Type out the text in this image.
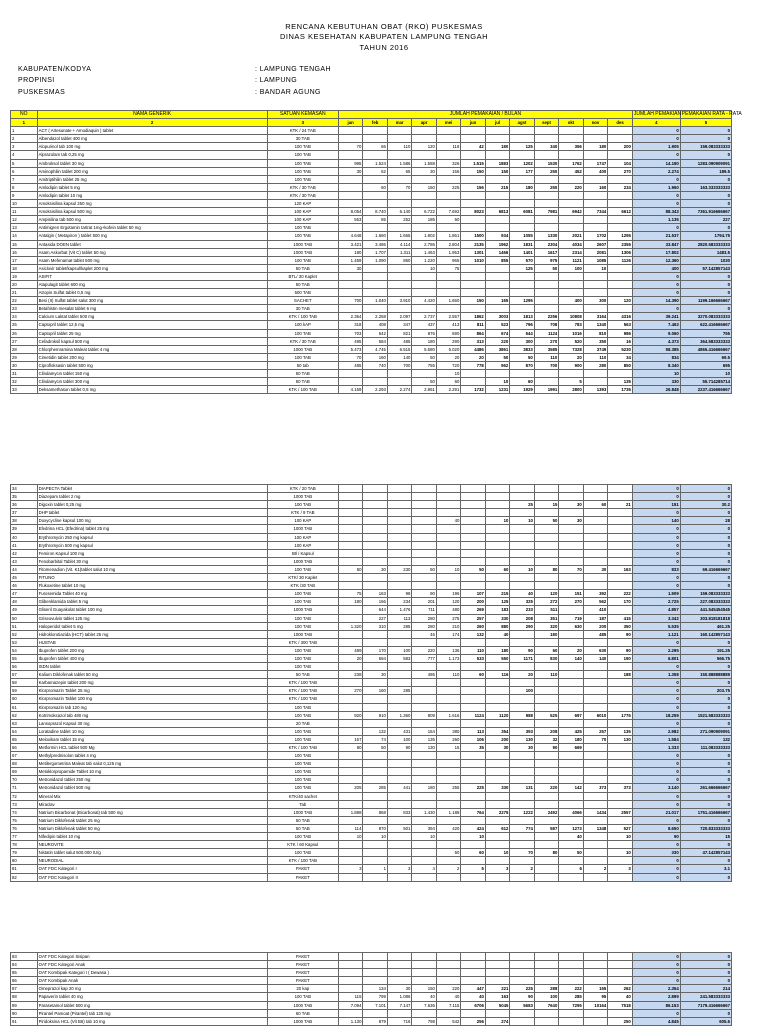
RENCANA KEBUTUHAN OBAT (RKO) PUSKESMAS
DINAS KESEHATAN KABUPATEN LAMPUNG TENGAH
TAHUN 2016
KABUPATEN/KODYA	: LAMPUNG TENGAH
PROPINSI	: LAMPUNG
PUSKESMAS	: BANDAR AGUNG
NO	NAMA GENERIK	SATUAN KEMASAN	JUMLAH PEMAKAIAN / BULAN												JUMLAH PEMAKIAN	PEMAKAIAN RATA - RATA
1	2	3	jan	feb	mar	apr	mei	jun	jul	agst	sept	okt	nov	des	4	5
1	ACT ( Artesunate + Amodiaquin ) tablet	KTK / 24 TAB													0	0
2	Albendazol tablet 400 mg	30 TAB													0	0
3	Alopurinol tab 100 mg	100 TAB	70	66	110	120	118	42	180	125	340	356	180	200	1.905	159.083333333
4	Alprazolam tab 0,25 mg	100 TAB													0	0
5	Ambroksol tablet 30 mg	100 TAB	995	1.524	1.586	1.588	326	1.515	1883	1202	1530	1762	1747	104	14.180	1283.090909091
6	Aminophilin tablet 200 mg	100 TAB	30	62	65	30	156	150	150	177	250	452	400	270	2.274	189.5
7	Amitriptihilin tablet 25 mg	100 TAB													0	0
8	Amlodipin tablet 5 mg	KTK / 30 TAB		60	70	150	225	156	215	180	250	220	160	234	1.960	163.333333333
9	Amlodipin tablet 10 mg	KTK / 30 TAB													0	0
10	Amoksisilina kapsul 250 mg	120 KAP													0	0
11	Amoksisilina kapsul 500 mg	100 KAP	8.054	8.740	6.140	6.722	7.692	8023	6813	6081	7981	6942	7344	6612	88.343	7361.916666667
12	Ampisilina tab 500 mg	100 KAP	553	85	252	185	60								1.135	227
13	Antimigren Ergotamin tartrat 1mg+kofein tablet 50 mg	100 TAB													0	0
14	Antalgin ( Metapiron ) tablet 500 mg	100 TAB	4.648	1.660	1.665	1.802	1.861	1500	934	1055	1330	2021	1702	1295	21.537	1794.75
15	Antasida DOEN tablet	1000 TAB	3.421	3.486	4.114	2.786	2.804	2135	1962	1831	2304	4034	2607	2355	33.847	2820.583333333
16	Asam Askorbat (Vit C) tablet 50 mg	1000 TAB	180	1.707	1.311	1.463	1.953	1301	1466	1401	1617	2314	2081	1306	17.802	1483.5
17	Asam Mefenamat tablet 500 mg	100 TAB	1.459	1.090	860	1.220	965	1010	855	570	975	1121	1085	1126	12.360	1030
18	Asiclovir tablet/kapsul/kaplet 200 mg	50 TAB	30			10	75			125	50	100	10		400	57.142857143
19	ASIFIT	BTL/ 30 Kaplet													0	0
20	Atapulagit tablet 600 mg	50 TAB													0	0
21	Atropin Sulfat tablet 0,5 mg	500 TAB													0	0
22	Besi (II) Sulfat tablet salut 300 mg	SACHET	700	1.040	3.910	4.420	1.660	150	165	1295		400	300	120	14.390	1199.166666667
23	Betahistin mesalat tablet 6 mg	30 TAB													0	0
24	Calcium Laktat tablet 500 mg	KTK / 100 TAB	2.364	2.258	2.097	2.737	2.557	1862	3003	1813	2256	10808	3164	4316	39.241	3270.083333333
25	Captopril tablet 12,5 mg	100 kAP	318	408	347	437	413	811	523	796	708	783	1340	563	7.463	622.416666667
26	Captopril tablet 25 mg	100 TAB	703	642	821	876	690	864	674	544	1124	1016	810	986	9.060	755
27	Cefadroksil kapsul 500 mg	KTK / 30 TAB	495	584	485	180	290	313	220	300	270	520	350	16	4.373	364.583333333
28	Chlorphemramina Maleat tablet 4 mg	1000 TAB	5.473	4.745	6.515	5.580	5.020	4486	3861	3833	3585	7328	3749	5230	58.385	4865.416666667
29	Cimetidin tablet 200 mg	100 TAB	70	160	140	50	20	20	50	50	110	20	110	34	834	69.5
30	Ciprofloksasin tablet 500 mg	50 tab	485	740	700	755	720	778	962	870	700	900	280	850	8.340	695
31	Clindamycin tablet 150 mg	50 TAB					10								10	10
32	Clindamycin tablet 300 mg	50 TAB				50	60		10	60		5		135	330	55.714285714
33	Deksamethason tablet 0,5 mg	KTK / 100 TAB	4.159	2.293	2.274	2.861	2.291	1732	1231	1929	1991	2800	1393	1735	26.848	2237.416666667
34	DIAPECTA Tablet	KTK / 20 TAB													0	0
35	Diazepam tablet 2 mg	1000 TAB													0	0
36	Digoxin tablet 0,25 mg	100 TAB								25	15	30	60	21	151	30.2
37	DHP tablet	KTK / 9 TAB													0	0
38	Doxycycline kapsul 100 mg	100 KAP					40		10	10	50	30			140	28
39	Efedrina HCL (Efedrina) tablet 25 mg	1000 TAB													0	0
40	Erythromycin 250 mg kapsul	100 KAP													0	0
41	Erythromycin 500 mg kapsul	100 KAP													0	0
42	Femiron Kapsul 100 mg	Btl / Kapsul													0	0
43	Fenobarbital Tablet 30 mg	1000 TAB													0	0
44	Fitomenadion (Vit. K1)tablet salut 10 mg	100 TAB	50	30	230	50	10	50	60	10	80	70	30	163	833	69.416666667
45	FITUNO	KTK/ 30 Kaplet													0	0
46	Flukoxetine tablet 10 mg	KTK /30 TAB													0	0
47	Furosemida Tablet 40 mg	100 TAB	75	163	98	90	196	107	215	40	120	151	392	222	1.909	159.083333333
48	Glibenklamida tablet 5 mg	100 TAB	180	166	234	201	120	200	125	325	272	270	562	170	2.725	227.083333333
49	Gliseril Guayakolat tablet 100 mg	1000 TAB		644	1.476	711	480	269	183	233	511		410		4.857	441.545454545
50	Griseovulvin tablet 125 mg	100 TAB		227	113	280	275	257	330	208	351	719	187	415	3.342	303.818181818
51	Haloperidol tablet 5 mg	100 TAB	1.320	310	285	280	210	260	880	290	320	630	200	350	5.535	461.25
52	Hidroklorotiazida (HCT) tablet 25 mg	1000 TAB				46	174	132	40		180		485	90	1.121	160.142857143
53	HUSTAB	KTK / 300 TAB													0	0
54	Ibuprofen tablet 200 mg	100 TAB	489	170	100	220	136	110	180	90	60	20	630	90	2.295	191.25
55	Ibuprofen tablet 400 mg	100 TAB	20	694	583	777	1.173	533	550	1171	830	140	140	190	6.801	566.75
56	ISDN tablet	100 TAB													0	0
57	Kalium Diklofenak tablet 50 mg	50 TAB	238	30		486	110	60	116	20	110			188	1.358	150.888888889
58	Karbamazepin tablet 200 mg	KTK / 100 TAB													0	0
59	Klorpromazin Tablet 25 mg	KTK / 100 TAB	270	160	285					100					0	203.75
60	Klorpromazin Tablet 100 mg	KTK / 100 TAB													0	0
61	Klorpromazin tab 120 mg	100 TAB													0	0
62	Kotrimoksazol tab 480 mg	100 TAB	920	910	1.360	809	1.616	1124	1120	988	525	697	6010	1776	18.259	1521.583333333
63	Lansoprazol Kapsul 30 mg	20 TAB													0	0
64	Loratadine tablet 10 mg	100 TAB		132	431	154	380	113	354	393	208	425	257	135	2.982	271.090909091
65	Meloxikam tablet 15 mg	100 TAB	167	74	100	135	260	106	200	130	32	180	70	130	1.584	132
66	Metformin HCL tablet 500 Mg	KTK / 100 TAB	80	50	90	130	15	35	30	30	90	669			1.333	111.083333333
67	Methylprednisolon tablet 4 mg	100 TAB													0	0
68	Metilergometrina Maleat tab salut 0,125 mg	100 TAB													0	0
69	Metoklorpropamide Tablet 10 mg	100 TAB													0	0
70	Metronidazol tablet 250 mg	100 TAB													0	0
71	Metronidazol tablet 500 mg	100 TAB	205	285	441	180	255	225	330	131	220	142	373	373	3.140	261.666666667
72	Mineral Mix	KTK/40 sachet													0	0
73	Miraclav	Tab													0	0
74	Natrium Bicarbonat (Bicarbonat) tab 500 mg	1000 TAB	1.888	868	833	1.430	1.188	764	2275	1222	2492	4066	1434	2557	21.017	1751.416666667
75	Natrium Diklofenak tablet 25 mg	50 TAB													0	0
76	Natrium Diklofenak tablet 50 mg	50 TAB	114	870	501	394	420	424	612	774	587	1273	1348	527	8.650	720.833333333
77	Nifedipin tablet 10 mg	100 TAB	10	10		10		10				40		10	90	15
78	NEUROVITE	KTK / 60 Kapsul													0	0
79	Nistatin tablet salut 500.000 IU/g	100 TAB					50	60	10	70	80	50		10	330	47.142857143
80	NEURODIAL	KTK / 100 TAB													0	0
81	OAT FDC Kategori I	PAKET	3	1	3	4	2	5	3	2		6	2	3	0	3.1
82	OAT FDC Kategori II	PAKET													0	0
83	OAT FDC Kategori Sisipan	PAKET													0	0
84	OAT FDC Kategori Anak	PAKET													0	0
85	OAT Kombipak Kategori I ( Dewasa )	PAKET													0	0
86	OAT Kombipak Anak	PAKET													0	0
87	Omeprazol kap 20 mg	20 kap		134	30	150	220	447	221	225	288	222	155	262	2.354	214
88	Papaverin tablet 40 mg	100 TAB	115	799	1.086	40	40	40	163	90	100	285	95	40	2.899	241.583333333
89	Parasetamol tablet 500 mg	1000 TAB	7.094	7.101	7.147	7.636	7.115	6706	5045	5683	7640	7295	10164	7518	86.153	7179.416666667
90	Pirantel Pamoat (Pirantel) tab 125 mg	60 TAB													0	0
91	Piridoksina HCL (Vit B6) tab 10 mg	1000 TAB	1.130	879	716	798	542	256	274					250	4.845	605.6
